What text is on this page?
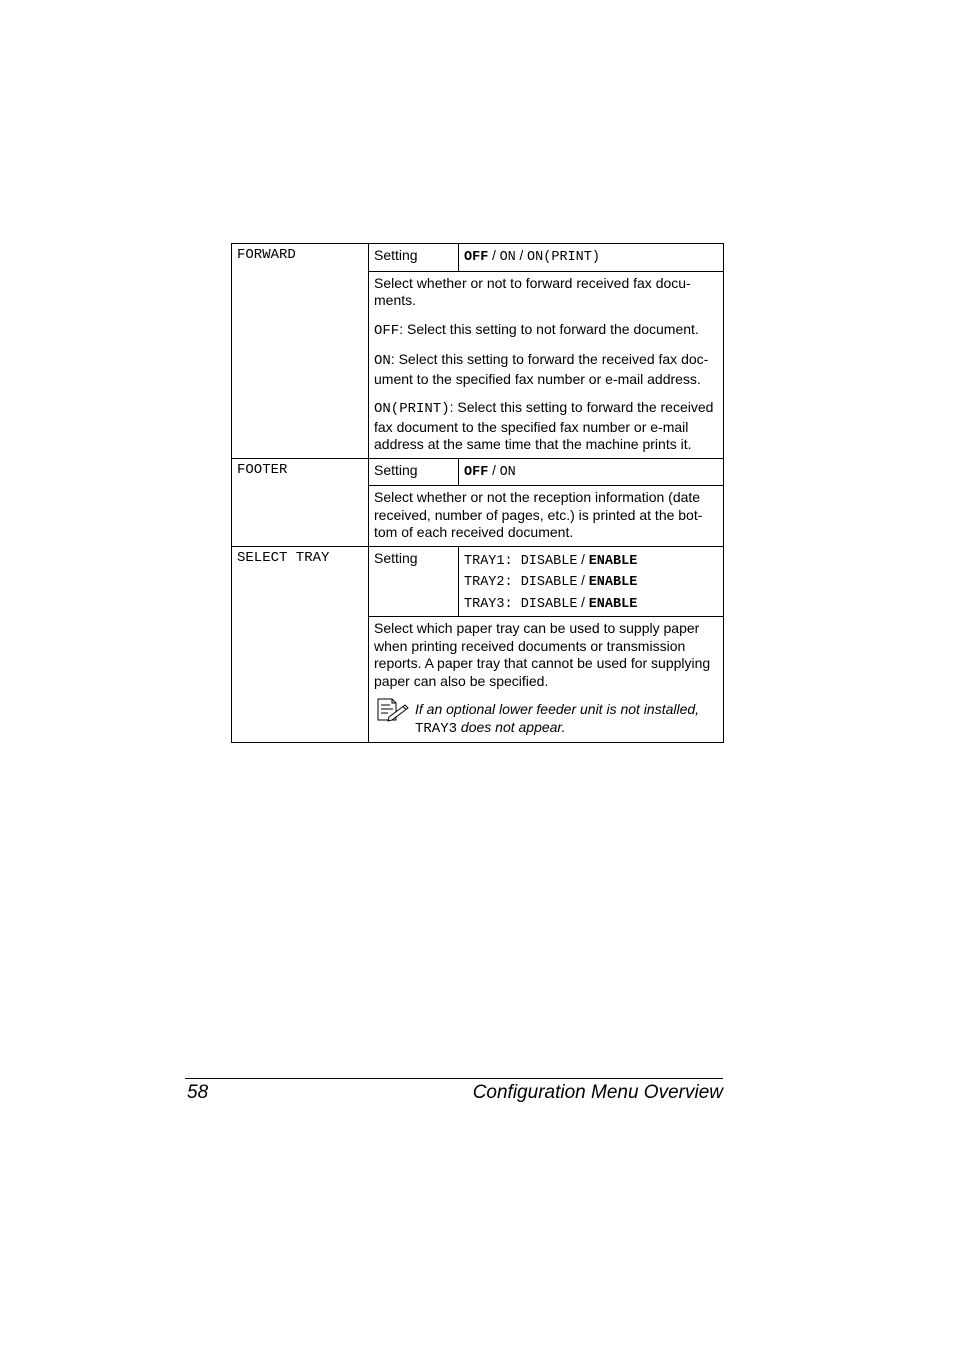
FORWARD	Setting	OFF / ON / ON(PRINT)

	Select whether or not to forward received fax docu-ments.

OFF: Select this setting to not forward the document.

ON: Select this setting to forward the received fax doc-ument to the specified fax number or e-mail address.

ON(PRINT): Select this setting to forward the received fax document to the specified fax number or e-mail address at the same time that the machine prints it.	

FOOTER	Setting	OFF / ON

	Select whether or not the reception information (date received, number of pages, etc.) is printed at the bot-tom of each received document.	

SELECT TRAY	Setting	TRAY1: DISABLE / ENABLE
TRAY2: DISABLE / ENABLE
TRAY3: DISABLE / ENABLE

	Select which paper tray can be used to supply paper when printing received documents or transmission reports. A paper tray that cannot be used for supplying paper can also be specified.

If an optional lower feeder unit is not installed,
TRAY3 does not appear.	
58	Configuration Menu Overview
